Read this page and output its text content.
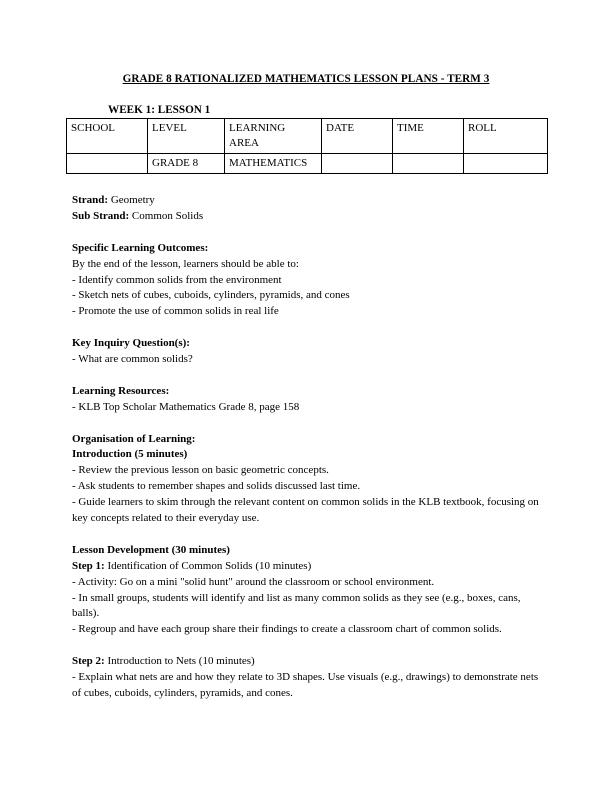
GRADE 8 RATIONALIZED MATHEMATICS LESSON PLANS - TERM 3
WEEK 1: LESSON 1
SCHOOL	LEVEL	LEARNING AREA	DATE	TIME	ROLL
	GRADE 8	MATHEMATICS			

Strand: Geometry

Sub Strand: Common Solids

Specific Learning Outcomes:

By the end of the lesson, learners should be able to:

- Identify common solids from the environment

- Sketch nets of cubes, cuboids, cylinders, pyramids, and cones

- Promote the use of common solids in real life

Key Inquiry Question(s):

- What are common solids?

Learning Resources:

- KLB Top Scholar Mathematics Grade 8, page 158

Organisation of Learning:

Introduction (5 minutes)

- Review the previous lesson on basic geometric concepts.

- Ask students to remember shapes and solids discussed last time.

- Guide learners to skim through the relevant content on common solids in the KLB textbook, focusing on key concepts related to their everyday use.

Lesson Development (30 minutes)

Step 1: Identification of Common Solids (10 minutes)

- Activity: Go on a mini "solid hunt" around the classroom or school environment.

- In small groups, students will identify and list as many common solids as they see (e.g., boxes, cans, balls).

- Regroup and have each group share their findings to create a classroom chart of common solids.

Step 2: Introduction to Nets (10 minutes)

- Explain what nets are and how they relate to 3D shapes. Use visuals (e.g., drawings) to demonstrate nets of cubes, cuboids, cylinders, pyramids, and cones.
